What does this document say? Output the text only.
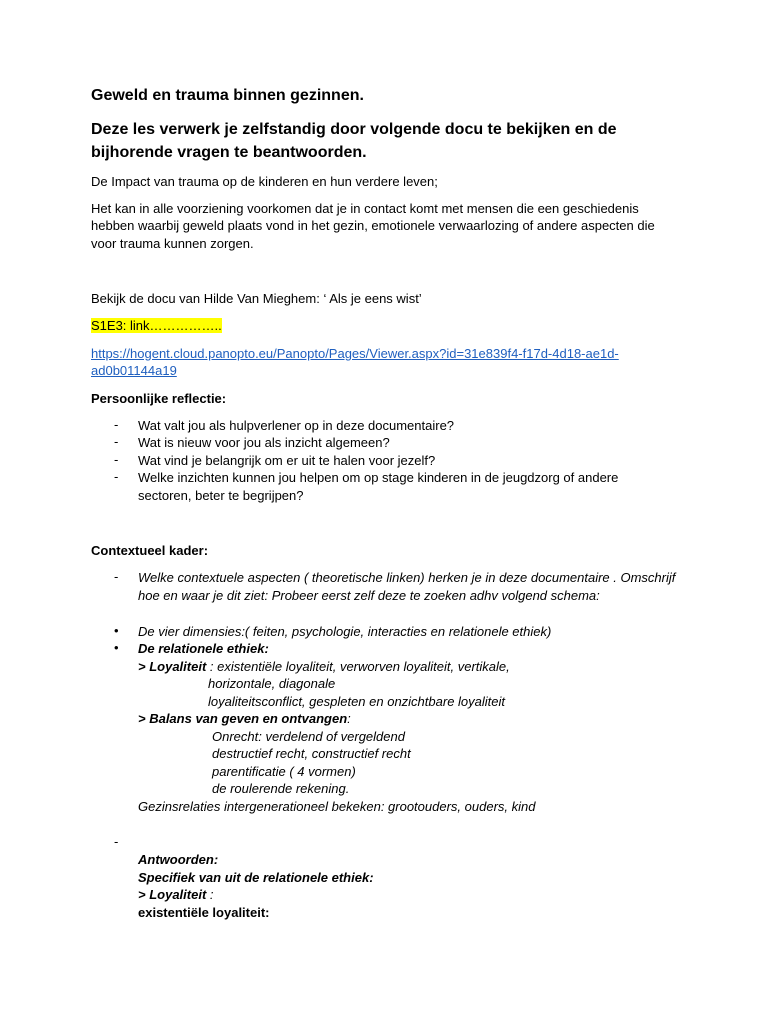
Geweld en trauma binnen gezinnen.
Deze les verwerk je zelfstandig door volgende docu te bekijken en de
bijhorende vragen te beantwoorden.
De Impact van trauma op de kinderen en hun verdere leven;
Het kan in alle voorziening voorkomen dat je in contact komt met mensen die een geschiedenis
hebben waarbij geweld plaats vond in het gezin, emotionele verwaarlozing of andere aspecten die
voor trauma kunnen zorgen.
Bekijk de docu van Hilde Van Mieghem: ‘ Als je eens wist’
S1E3: link……………..
https://hogent.cloud.panopto.eu/Panopto/Pages/Viewer.aspx?id=31e839f4-f17d-4d18-ae1d-
ad0b01144a19
Persoonlijke reflectie:
- Wat valt jou als hulpverlener op in deze documentaire?
- Wat is nieuw voor jou als inzicht algemeen?
- Wat vind je belangrijk om er uit te halen voor jezelf?
- Welke inzichten kunnen jou helpen om op stage kinderen in de jeugdzorg of andere
sectoren, beter te begrijpen?
Contextueel kader:
- Welke contextuele aspecten ( theoretische linken) herken je in deze documentaire . Omschrijf
hoe en waar je dit ziet: Probeer eerst zelf deze te zoeken adhv volgend schema:
• De vier dimensies:( feiten, psychologie, interacties en relationele ethiek)
• De relationele ethiek:
> Loyaliteit : existentiële loyaliteit, verworven loyaliteit, vertikale,
horizontale, diagonale
loyaliteitsconflict, gespleten en onzichtbare loyaliteit
> Balans van geven en ontvangen:
Onrecht: verdelend of vergeldend
destructief recht, constructief recht
parentificatie ( 4 vormen)
de roulerende rekening.
Gezinsrelaties intergenerationeel bekeken: grootouders, ouders, kind
-
Antwoorden:
Specifiek van uit de relationele ethiek:
> Loyaliteit :
existentiële loyaliteit:
